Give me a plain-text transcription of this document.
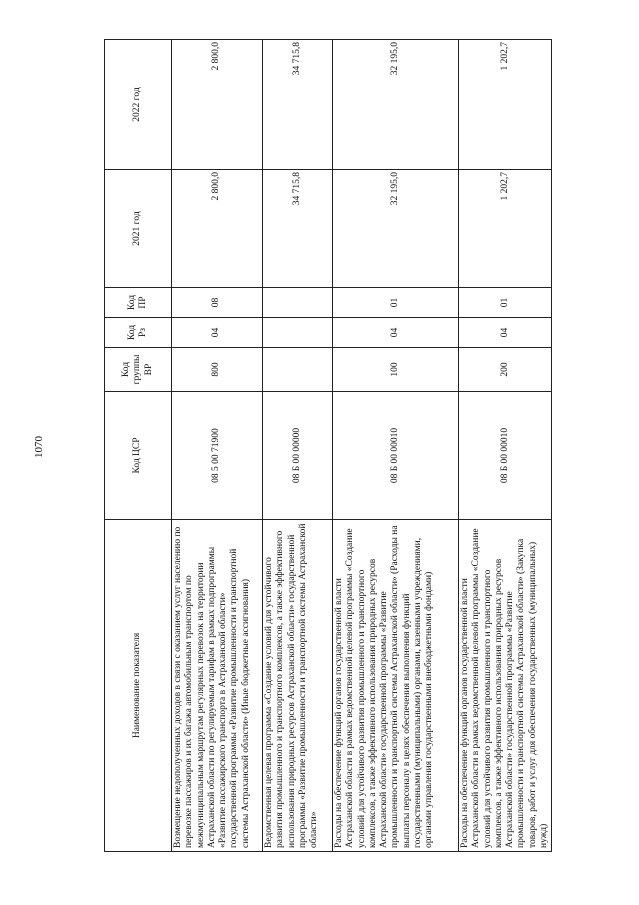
1070
Наименование показателя	Код ЦСР	Код группы ВР	Код Рз	Код ПР	2021 год	2022 год
Возмещение недополученных доходов в связи с оказанием услуг населению по перевозке пассажиров и их багажа автомобильным транспортом по межмуниципальным маршрутам регулярных перевозок на территории Астраханской области по регулируемым тарифам в рамках подпрограммы «Развитие пассажирского транспорта в Астраханской области» государственной программы «Развитие промышленности и транспортной системы Астраханской области» (Иные бюджетные ассигнования)	08 5 00 71900	800	04	08	2 800,0	2 800,0
Ведомственная целевая программа «Создание условий для устойчивого развития промышленного и транспортного комплексов, а также эффективного использования природных ресурсов Астраханской области» государственной программы «Развитие промышленности и транспортной системы Астраханской области»	08 Б 00 00000				34 715,8	34 715,8
Расходы на обеспечение функций органов государственной власти Астраханской области в рамках ведомственной целевой программы «Создание условий для устойчивого развития промышленного и транспортного комплексов, а также эффективного использования природных ресурсов Астраханской области» государственной программы «Развитие промышленности и транспортной системы Астраханской области» (Расходы на выплаты персоналу в целях обеспечения выполнения функций государственными (муниципальными) органами, казенными учреждениями, органами управления государственными внебюджетными фондами)	08 Б 00 00010	100	04	01	32 195,0	32 195,0
Расходы на обеспечение функций органов государственной власти Астраханской области в рамках ведомственной целевой программы «Создание условий для устойчивого развития промышленного и транспортного комплексов, а также эффективного использования природных ресурсов Астраханской области» государственной программы «Развитие промышленности и транспортной системы Астраханской области» (Закупка товаров, работ и услуг для обеспечения государственных (муниципальных) нужд)	08 Б 00 00010	200	04	01	1 202,7	1 202,7
